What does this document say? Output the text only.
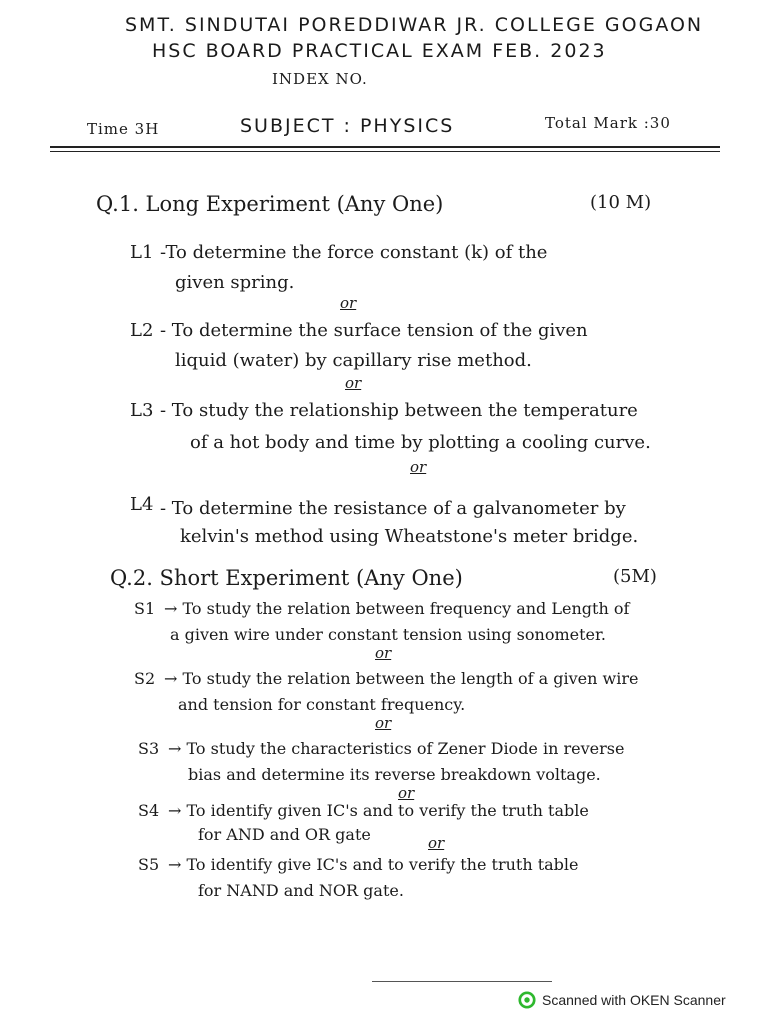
SMT. SINDUTAI POREDDIWAR JR. COLLEGE GOGAON
HSC BOARD PRACTICAL EXAM FEB. 2023
INDEX NO.
Time 3H	SUBJECT : PHYSICS	Total Mark :30
Q.1. Long Experiment (Any One)	(10 M)
L1 -To determine the force constant (k) of the
given spring.
or
L2 - To determine the surface tension of the given
liquid (water) by capillary rise method.
or
L3 - To study the relationship between the temperature
of a hot body and time by plotting a cooling curve.
or
L4 - To determine the resistance of a galvanometer by
kelvin's method using Wheatstone's meter bridge.
Q.2. Short Experiment (Any One)	(5M)
S1 → To study the relation between frequency and Length of
a given wire under constant tension using sonometer.
or
S2 → To study the relation between the length of a given wire
and tension for constant frequency.
or
S3 → To study the characteristics of Zener Diode in reverse
bias and determine its reverse breakdown voltage.
or
S4 → To identify given IC's and to verify the truth table
for AND and OR gate	or
S5 → To identify give IC's and to verify the truth table
for NAND and NOR gate.
Scanned with OKEN Scanner
